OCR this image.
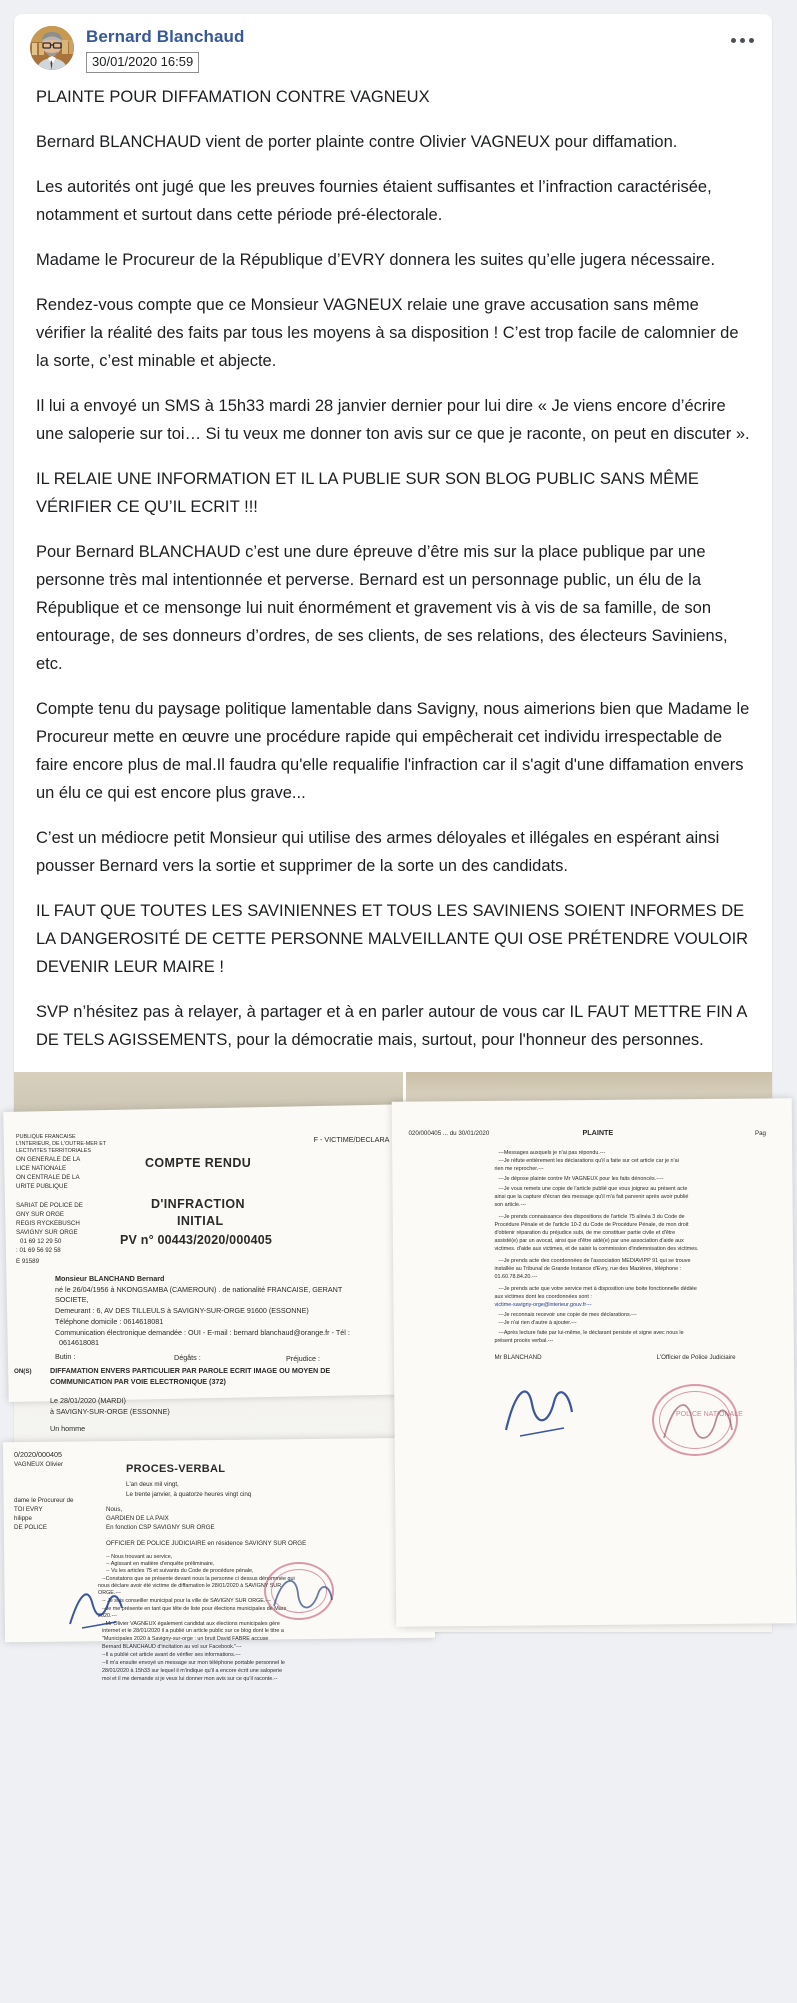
Bernard Blanchaud
30/01/2020 16:59

PLAINTE POUR DIFFAMATION CONTRE VAGNEUX

Bernard BLANCHAUD vient de porter plainte contre Olivier VAGNEUX pour diffamation.

Les autorités ont jugé que les preuves fournies étaient suffisantes et l’infraction caractérisée, notamment et surtout dans cette période pré-électorale.

Madame le Procureur de la République d’EVRY donnera les suites qu’elle jugera nécessaire.

Rendez-vous compte que ce Monsieur VAGNEUX relaie une grave accusation sans même vérifier la réalité des faits par tous les moyens à sa disposition ! C’est trop facile de calomnier de la sorte, c’est minable et abjecte.

Il lui a envoyé un SMS à 15h33 mardi 28 janvier dernier pour lui dire « Je viens encore d’écrire une saloperie sur toi… Si tu veux me donner ton avis sur ce que je raconte, on peut en discuter ».

IL RELAIE UNE INFORMATION ET IL LA PUBLIE SUR SON BLOG PUBLIC SANS MÊME VÉRIFIER CE QU’IL ECRIT !!!

Pour Bernard BLANCHAUD c’est une dure épreuve d’être mis sur la place publique par une personne très mal intentionnée et perverse. Bernard est un personnage public, un élu de la République et ce mensonge lui nuit énormément et gravement vis à vis de sa famille, de son entourage, de ses donneurs d’ordres, de ses clients, de ses relations, des électeurs Saviniens, etc.

Compte tenu du paysage politique lamentable dans Savigny, nous aimerions bien que Madame le Procureur mette en œuvre une procédure rapide qui empêcherait cet individu irrespectable de faire encore plus de mal.Il faudra qu'elle requalifie l'infraction car il s'agit d'une diffamation envers un élu ce qui est encore plus grave...

C’est un médiocre petit Monsieur qui utilise des armes déloyales et illégales en espérant ainsi pousser Bernard vers la sortie et supprimer de la sorte un des candidats.

IL FAUT QUE TOUTES LES SAVINIENNES ET TOUS LES SAVINIENS SOIENT INFORMES DE LA DANGEROSITÉ DE CETTE PERSONNE MALVEILLANTE QUI OSE PRÉTENDRE VOULOIR DEVENIR LEUR MAIRE !

SVP n’hésitez pas à relayer, à partager et à en parler autour de vous car IL FAUT METTRE FIN A DE TELS AGISSEMENTS, pour la démocratie mais, surtout, pour l'honneur des personnes.

PUBLIQUE FRANCAISE
L'INTERIEUR, DE L'OUTRE-MER ET
LECTIVITES TERRITORIALES
ON GENERALE DE LA
LICE NATIONALE
ON CENTRALE DE LA
URITE PUBLIQUE
SARIAT DE POLICE DE
GNY SUR ORGE
REGIS RYCKEBUSCH
SAVIGNY SUR ORGE
01 69 12 29 50
: 01 69 56 92 58
E 91589
F - VICTIME/DECLARA
COMPTE RENDU
D'INFRACTION
INITIAL
PV n° 00443/2020/000405
Monsieur BLANCHAND Bernard
né le 26/04/1956 à NKONGSAMBA (CAMEROUN) . de nationalité FRANCAISE, GERANT
SOCIETE,
Demeurant : 6, AV DES TILLEULS à SAVIGNY-SUR-ORGE 91600 (ESSONNE)
Téléphone domicile : 0614618081
Communication électronique demandée : OUI - E-mail : bernard blanchaud@orange.fr - Tél :
0614618081
Butin :	Dégâts :	Préjudice :
ON(S)	DIFFAMATION ENVERS PARTICULIER PAR PAROLE ECRIT IMAGE OU MOYEN DE
COMMUNICATION PAR VOIE ELECTRONIQUE (372)
Le 28/01/2020 (MARDI)
à SAVIGNY-SUR-ORGE (ESSONNE)
Un homme
0/2020/000405
PROCES-VERBAL
L'an deux mil vingt,
Le trente janvier, à quatorze heures vingt cinq
Nous,
GARDIEN DE LA PAIX
En fonction CSP SAVIGNY SUR ORGE
OFFICIER DE POLICE JUDICIAIRE en résidence SAVIGNY SUR ORGE
-- Nous trouvant au service,
-- Agissant en matière d'enquête préliminaire,
-- Vu les articles 75 et suivants du Code de procédure pénale,
--Constatons que se présente devant nous la personne ci dessus dénommée qui
nous déclare avoir été victime de diffamation le 28/01/2020 à SAVIGNY SUR
ORGE.---
-- Je suis conseiller municipal pour la ville de SAVIGNY SUR ORGE.---
--Je me présente en tant que tête de liste pour élections municipales de Mars
2020.---
--Mr Olivier VAGNEUX également candidat aux élections municipales gère
internet et le 28/01/2020 il a publié un article public sur ce blog dont le titre a
"Municipales 2020 à Savigny-sur-orge : un bruit David FABRE accuse
Bernard BLANCHAUD d'incitation au vol sur Facebook."---
--Il a publié cet article avant de vérifier ses informations.---
--Il m'a ensuite envoyé un message sur mon téléphone portable personnel le
28/01/2020 à 15h33 sur lequel il m'indique qu'il a encore écrit une saloperie
moi et il me demande si je veux lui donner mon avis sur ce qu'il raconte.--
VAGNEUX Olivier
dame le Procureur de
TOI EVRY
hilippe
DE POLICE
020/000405 ... du 30/01/2020	PLAINTE	Pag
---Messages auxquels je n'ai pas répondu.---
---Je réfute entièrement les déclarations qu'il a faite sur cet article car je n'ai
rien me reprocher.---
---Je dépose plainte contre Mr VAGNEUX pour les faits dénoncés.----
---Je vous remets une copie de l'article publié que vous joignez au présent acte
ainsi que la capture d'écran des message qu'il m'a fait parvenir après avoir publié
son article.---
---Je prends connaissance des dispositions de l'article 75 alinéa 3 du Code de
Procédure Pénale et de l'article 10-2 du Code de Procédure Pénale, de mon droit
d'obtenir réparation du préjudice subi, de me constituer partie civile et d'être
assisté(e) par un avocat, ainsi que d'être aidé(e) par une association d'aide aux
victimes. d'aide aux victimes, et de saisir la commission d'indemnisation des victimes.
---Je prends acte des coordonnées de l'association MEDIAVIPP 91 qui se trouve
installée au Tribunal de Grande Instance d'Evry, rue des Mazières, téléphone :
01.60.78.84.20.---
---Je prends acte que votre service met à disposition une boite fonctionnelle dédiée
aux victimes dont les coordonnées sont :
victime-savigny-orge@interieur.gouv.fr---
---Je reconnais recevoir une copie de mes déclarations.---
---Je n'ai rien d'autre à ajouter.---
---Après lecture faite par lui-même, le déclarant persiste et signe avec nous le
présent procès verbal.---
Mr BLANCHAND	L'Officier de Police Judiciaire
POLICE NATIONALE
